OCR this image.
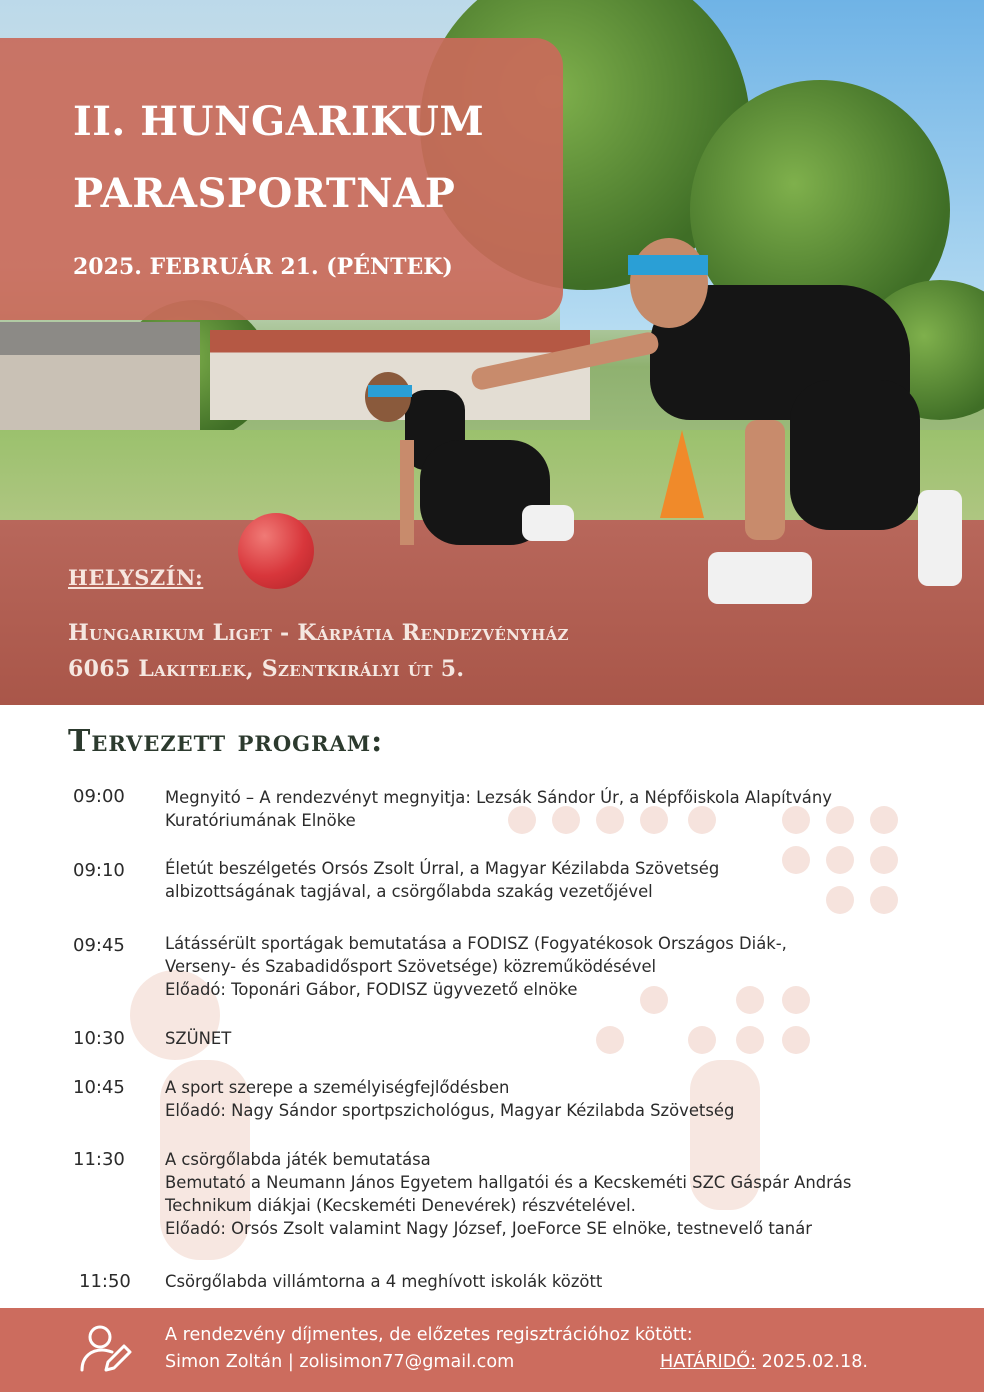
II. HUNGARIKUM
PARASPORTNAP
2025. FEBRUÁR 21. (PÉNTEK)
HELYSZÍN:
Hungarikum Liget - Kárpátia Rendezvényház
6065 Lakitelek, Szentkirályi út 5.
Tervezett program:
09:00 Megnyitó – A rendezvényt megnyitja: Lezsák Sándor Úr, a Népfőiskola Alapítvány
Kuratóriumának Elnöke
09:10 Életút beszélgetés Orsós Zsolt Úrral, a Magyar Kézilabda Szövetség
albizottságának tagjával, a csörgőlabda szakág vezetőjével
09:45 Látássérült sportágak bemutatása a FODISZ (Fogyatékosok Országos Diák-,
Verseny- és Szabadidősport Szövetsége) közreműködésével
Előadó: Toponári Gábor, FODISZ ügyvezető elnöke
10:30 SZÜNET
10:45 A sport szerepe a személyiségfejlődésben
Előadó: Nagy Sándor sportpszichológus, Magyar Kézilabda Szövetség
11:30 A csörgőlabda játék bemutatása
Bemutató a Neumann János Egyetem hallgatói és a Kecskeméti SZC Gáspár András
Technikum diákjai (Kecskeméti Denevérek) részvételével.
Előadó: Orsós Zsolt valamint Nagy József, JoeForce SE elnöke, testnevelő tanár
11:50 Csörgőlabda villámtorna a 4 meghívott iskolák között
A rendezvény díjmentes, de előzetes regisztrációhoz kötött:
Simon Zoltán | zolisimon77@gmail.com	HATÁRIDŐ: 2025.02.18.
